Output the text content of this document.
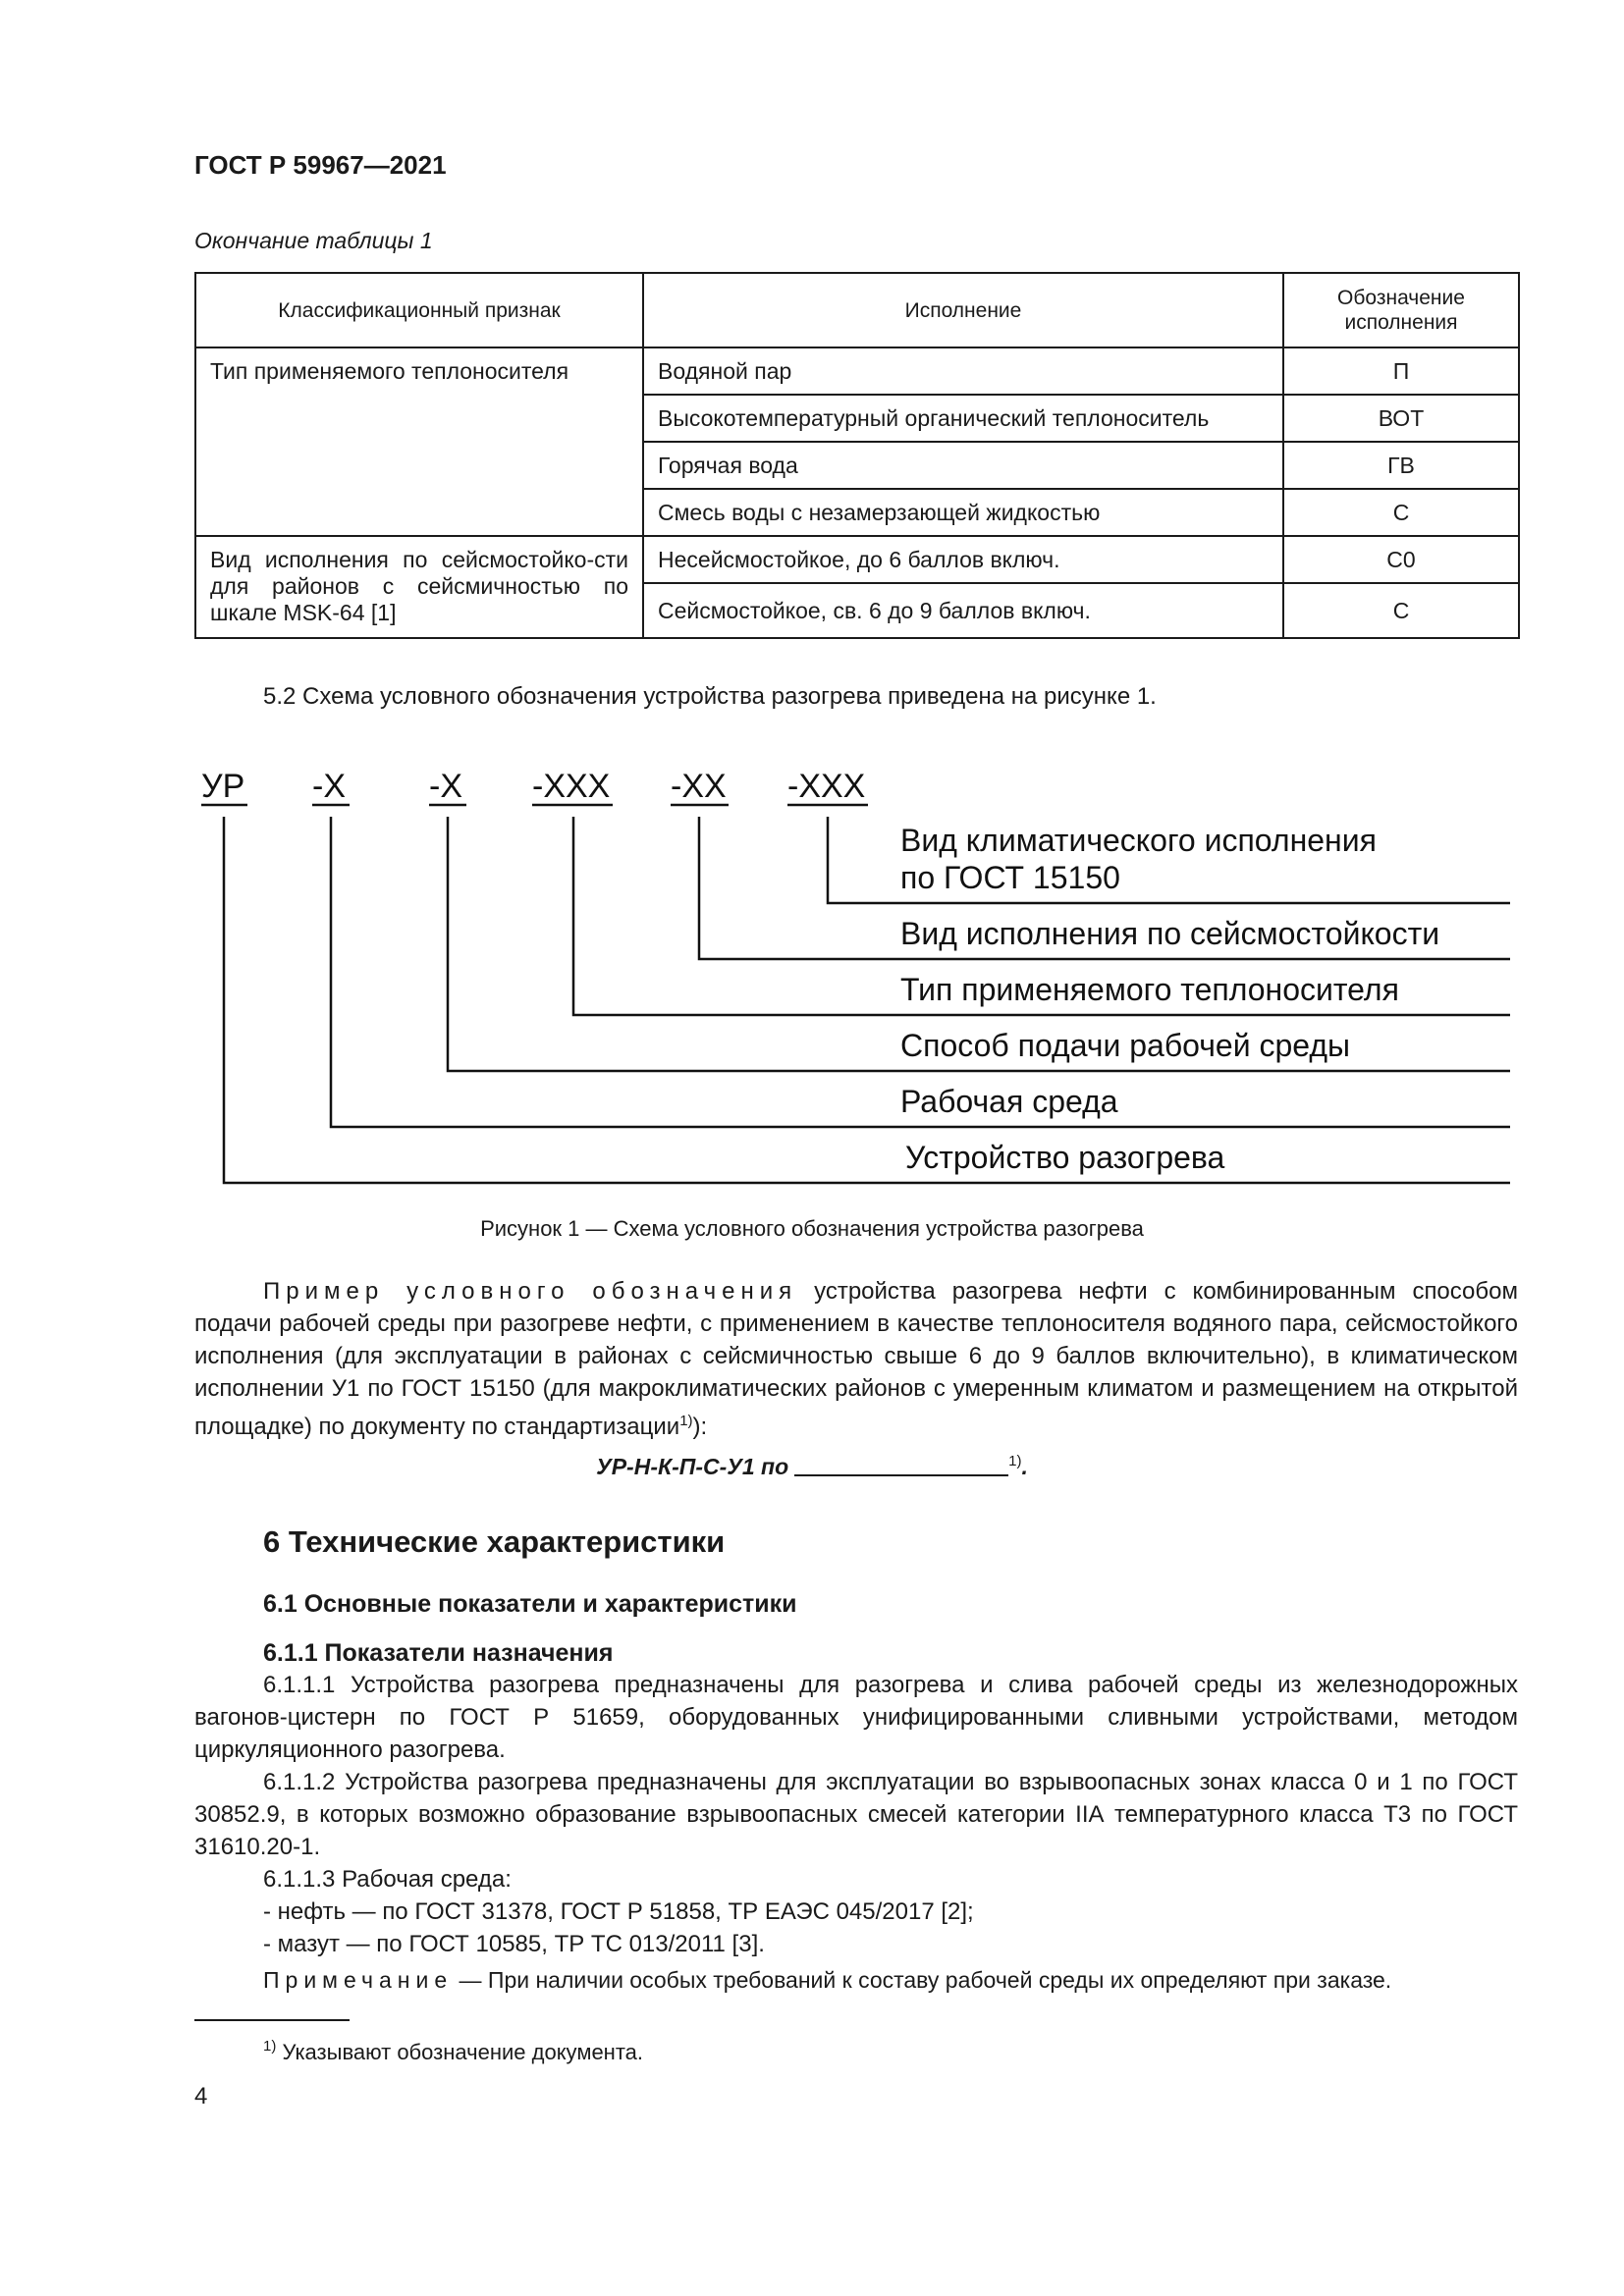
ГОСТ Р 59967—2021
Окончание таблицы 1
Классификационный признак	Исполнение	Обозначение исполнения
Тип применяемого теплоносителя	Водяной пар	П
	Высокотемпературный органический теплоноситель	ВОТ
	Горячая вода	ГВ
	Смесь воды с незамерзающей жидкостью	С
Вид исполнения по сейсмостойко-сти для районов с сейсмичностью по шкале MSK-64 [1]	Несейсмостойкое, до 6 баллов включ.	С0
	Сейсмостойкое, св. 6 до 9 баллов включ.	С
5.2 Схема условного обозначения устройства разогрева приведена на рисунке 1.
УР -Х	-Х -ХХХ -ХХ -ХХХ
Вид климатического исполнения
по ГОСТ 15150
Вид исполнения по сейсмостойкости
Тип применяемого теплоносителя
Способ подачи рабочей среды
Рабочая среда
Устройство разогрева
Рисунок 1 — Схема условного обозначения устройства разогрева
Пример условного обозначения устройства разогрева нефти с комбинированным способом подачи рабочей среды при разогреве нефти, с применением в качестве теплоносителя водяного пара, сейсмостойкого исполнения (для эксплуатации в районах с сейсмичностью свыше 6 до 9 баллов включительно), в климатическом исполнении У1 по ГОСТ 15150 (для макроклиматических районов с умеренным климатом и размещением на открытой площадке) по документу по стандартизации$^{1)}$):
УР-Н-К-П-С-У1 по	$^{1)}$.
6 Технические характеристики
6.1 Основные показатели и характеристики
6.1.1 Показатели назначения

6.1.1.1 Устройства разогрева предназначены для разогрева и слива рабочей среды из железнодорожных вагонов-цистерн по ГОСТ Р 51659, оборудованных унифицированными сливными устройствами, методом циркуляционного разогрева.

6.1.1.2 Устройства разогрева предназначены для эксплуатации во взрывоопасных зонах класса 0 и 1 по ГОСТ 30852.9, в которых возможно образование взрывоопасных смесей категории IIА температурного класса Т3 по ГОСТ 31610.20-1.

6.1.1.3 Рабочая среда:

- нефть — по ГОСТ 31378, ГОСТ Р 51858, ТР ЕАЭС 045/2017 [2];

- мазут — по ГОСТ 10585, ТР ТС 013/2011 [3].

Примечание — При наличии особых требований к составу рабочей среды их определяют при заказе.
$^{1)}$ Указывают обозначение документа.
4
